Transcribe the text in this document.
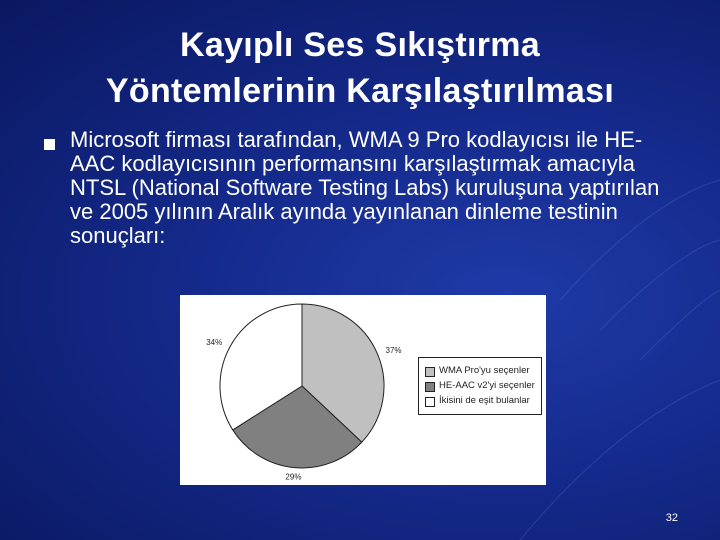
Kayıplı Ses Sıkıştırma
Yöntemlerinin Karşılaştırılması
Microsoft firması tarafından, WMA 9 Pro kodlayıcısı ile HE-AAC kodlayıcısının performansını karşılaştırmak amacıyla NTSL (National Software Testing Labs) kuruluşuna yaptırılan ve 2005 yılının Aralık ayında yayınlanan dinleme testinin sonuçları:
37%
29%
34%
WMA Pro'yu seçenler
HE-AAC v2'yi seçenler
İkisini de eşit bulanlar
32
